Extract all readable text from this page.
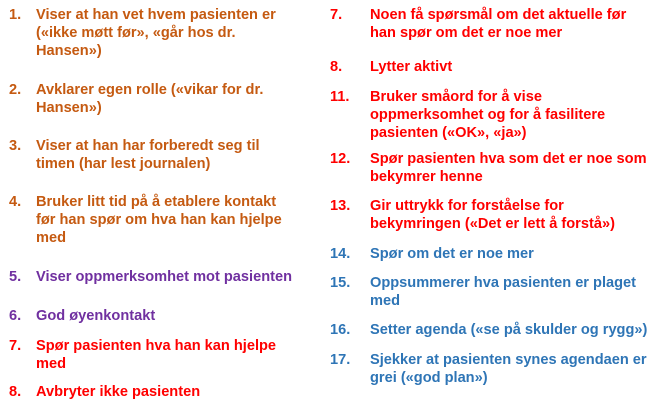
1.	Viser at han vet hvem pasienten er
(«ikke møtt før», «går hos dr.
Hansen»)
2.	Avklarer egen rolle («vikar for dr.
Hansen»)
3.	Viser at han har forberedt seg til
timen (har lest journalen)
4.	Bruker litt tid på å etablere kontakt
før han spør om hva han kan hjelpe
med
5.	Viser oppmerksomhet mot pasienten
6.	God øyenkontakt
7.	Spør pasienten hva han kan hjelpe
med
8.	Avbryter ikke pasienten
7.	Noen få spørsmål om det aktuelle før
han spør om det er noe mer
8.	Lytter aktivt
11.	Bruker småord for å vise
oppmerksomhet og for å fasilitere
pasienten («OK», «ja»)
12.	Spør pasienten hva som det er noe som
bekymrer henne
13.	Gir uttrykk for forståelse for
bekymringen («Det er lett å forstå»)
14.	Spør om det er noe mer
15.	Oppsummerer hva pasienten er plaget
med
16.	Setter agenda («se på skulder og rygg»)
17.	Sjekker at pasienten synes agendaen er
grei («god plan»)
